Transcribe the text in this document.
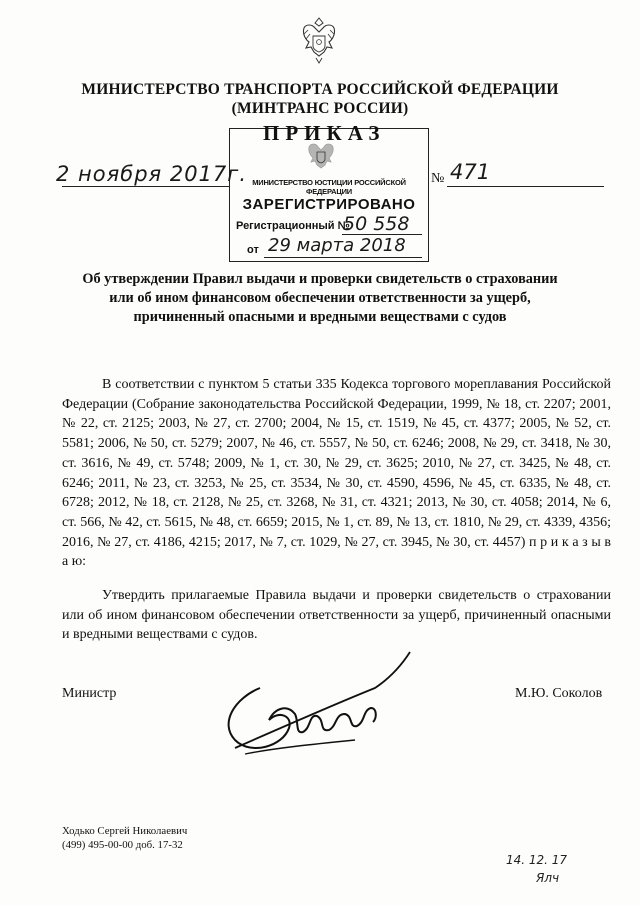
МИНИСТЕРСТВО ТРАНСПОРТА РОССИЙСКОЙ ФЕДЕРАЦИИ
(МИНТРАНС РОССИИ)
ПРИКАЗ
МИНИСТЕРСТВО ЮСТИЦИИ РОССИЙСКОЙ ФЕДЕРАЦИИ
ЗАРЕГИСТРИРОВАНО
Регистрационный №
50 558
от 29 марта 2018
2 ноября 2017г.	№ 471
Об утверждении Правил выдачи и проверки свидетельств о страховании или об ином финансовом обеспечении ответственности за ущерб, причиненный опасными и вредными веществами с судов
В соответствии с пунктом 5 статьи 335 Кодекса торгового мореплавания Российской Федерации (Собрание законодательства Российской Федерации, 1999, № 18, ст. 2207; 2001, № 22, ст. 2125; 2003, № 27, ст. 2700; 2004, № 15, ст. 1519, № 45, ст. 4377; 2005, № 52, ст. 5581; 2006, № 50, ст. 5279; 2007, № 46, ст. 5557, № 50, ст. 6246; 2008, № 29, ст. 3418, № 30, ст. 3616, № 49, ст. 5748; 2009, № 1, ст. 30, № 29, ст. 3625; 2010, № 27, ст. 3425, № 48, ст. 6246; 2011, № 23, ст. 3253, № 25, ст. 3534, № 30, ст. 4590, 4596, № 45, ст. 6335, № 48, ст. 6728; 2012, № 18, ст. 2128, № 25, ст. 3268, № 31, ст. 4321; 2013, № 30, ст. 4058; 2014, № 6, ст. 566, № 42, ст. 5615, № 48, ст. 6659; 2015, № 1, ст. 89, № 13, ст. 1810, № 29, ст. 4339, 4356; 2016, № 27, ст. 4186, 4215; 2017, № 7, ст. 1029, № 27, ст. 3945, № 30, ст. 4457) п р и к а з ы в а ю:
Утвердить прилагаемые Правила выдачи и проверки свидетельств о страховании или об ином финансовом обеспечении ответственности за ущерб, причиненный опасными и вредными веществами с судов.
Министр	М.Ю. Соколов
Ходько Сергей Николаевич
(499) 495-00-00 доб. 17-32
14. 12. 17
Ялч
